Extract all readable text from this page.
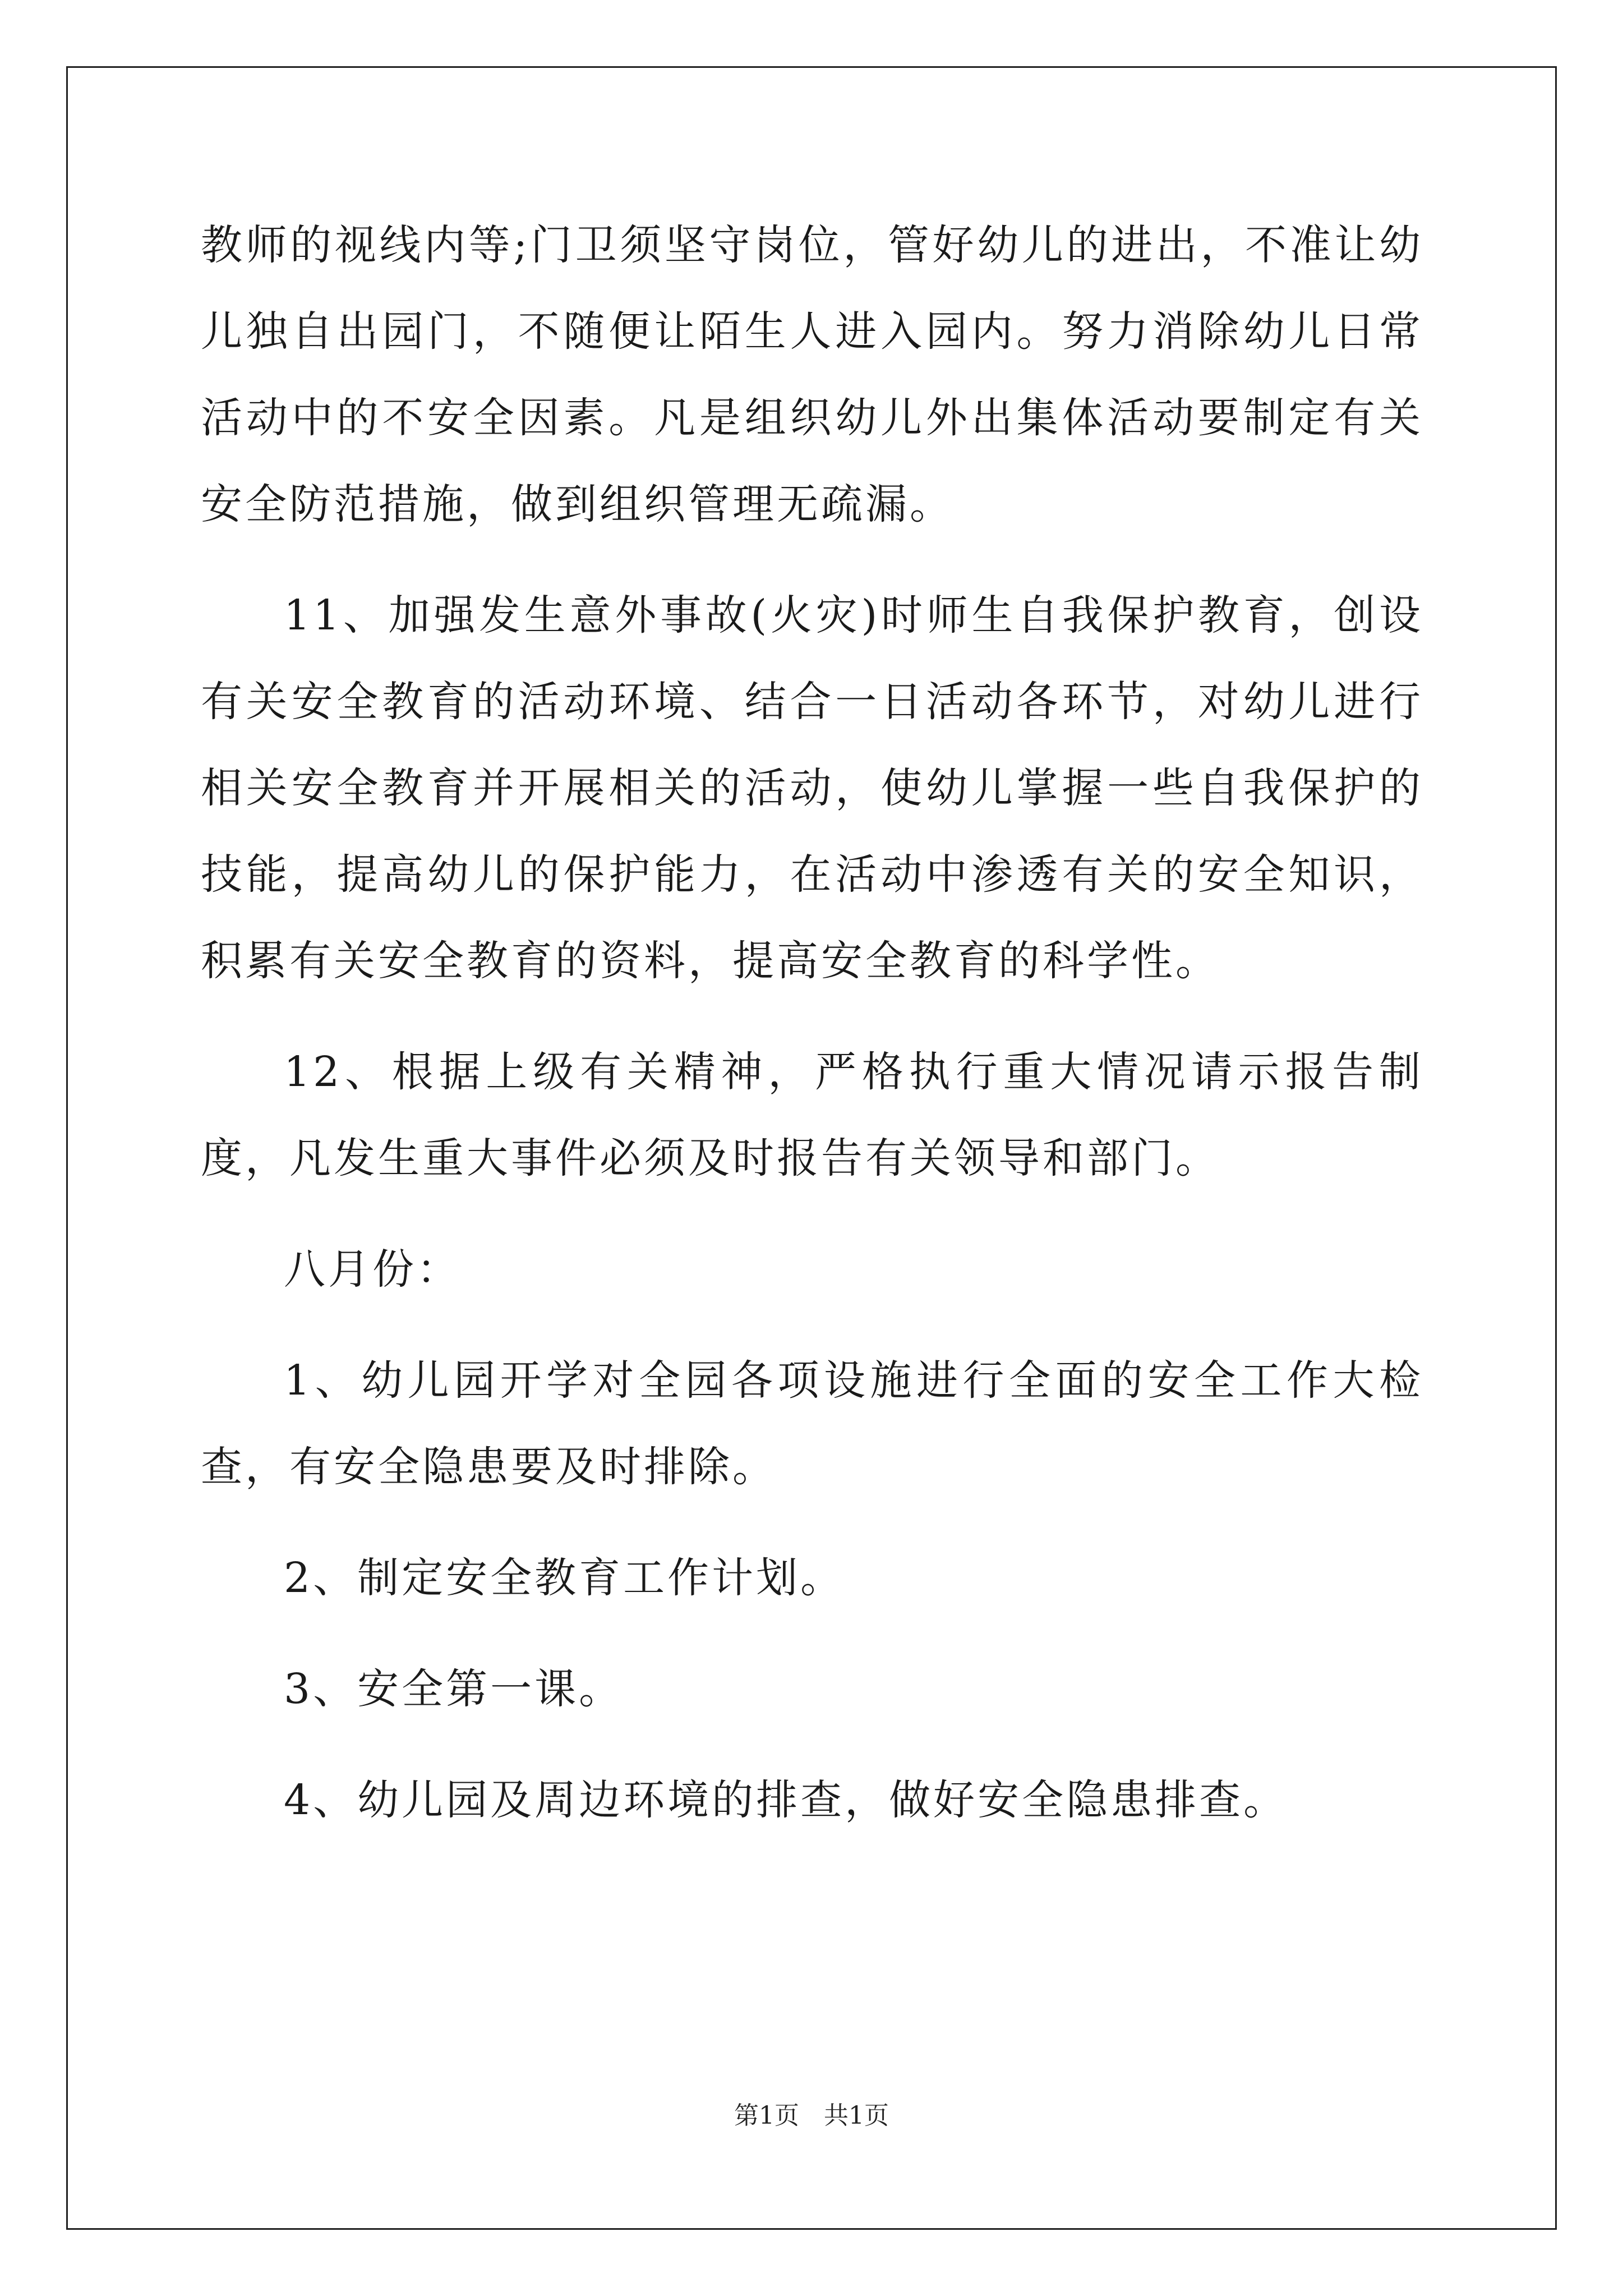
教师的视线内等;门卫须坚守岗位，管好幼儿的进出，不准让幼儿独自出园门，不随便让陌生人进入园内。努力消除幼儿日常活动中的不安全因素。凡是组织幼儿外出集体活动要制定有关安全防范措施，做到组织管理无疏漏。

11、加强发生意外事故(火灾)时师生自我保护教育，创设有关安全教育的活动环境、结合一日活动各环节，对幼儿进行相关安全教育并开展相关的活动，使幼儿掌握一些自我保护的技能，提高幼儿的保护能力，在活动中渗透有关的安全知识，积累有关安全教育的资料，提高安全教育的科学性。

12、根据上级有关精神，严格执行重大情况请示报告制度，凡发生重大事件必须及时报告有关领导和部门。

八月份：

1、幼儿园开学对全园各项设施进行全面的安全工作大检查，有安全隐患要及时排除。

2、制定安全教育工作计划。

3、安全第一课。

4、幼儿园及周边环境的排查，做好安全隐患排查。

第1页　共1页
